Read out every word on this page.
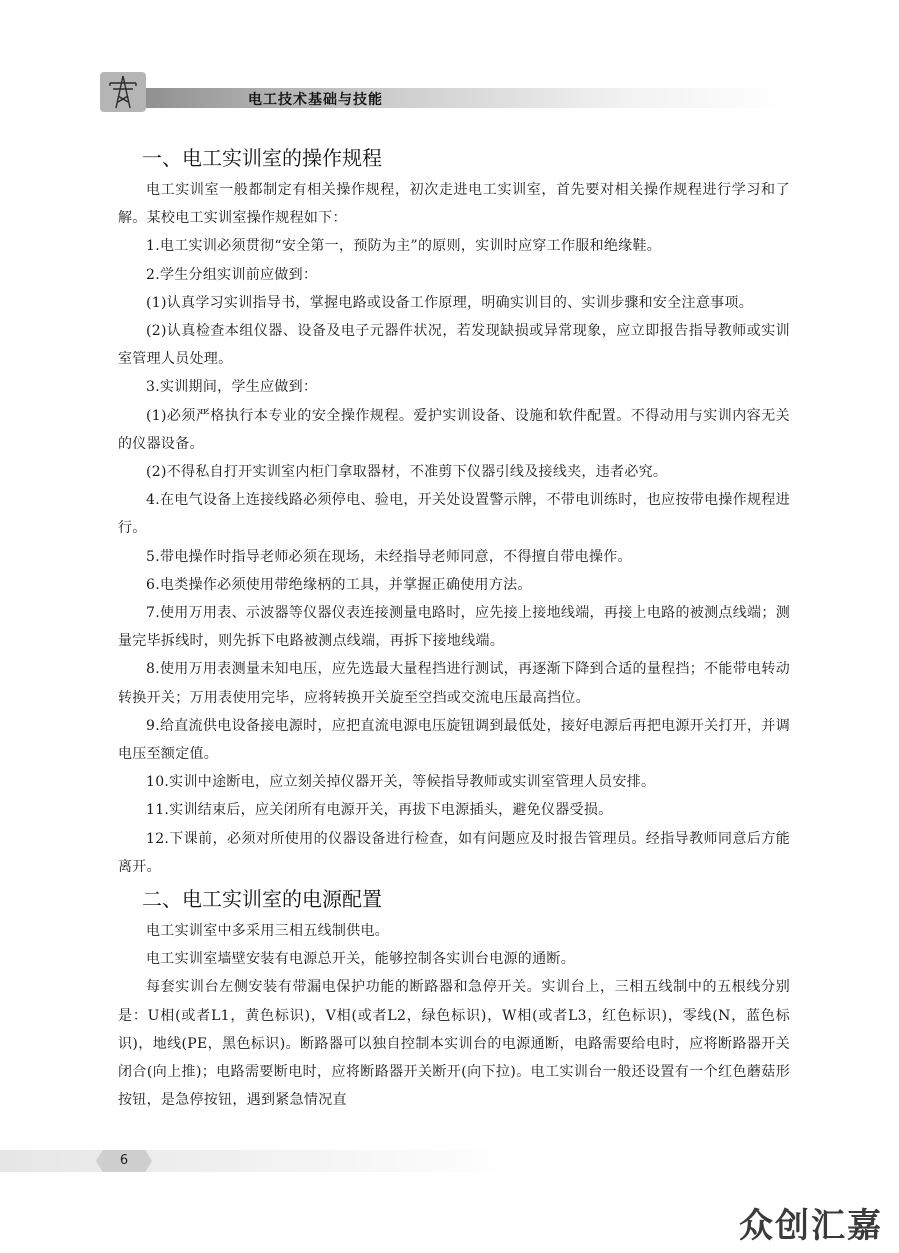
电工技术基础与技能
一、电工实训室的操作规程

电工实训室一般都制定有相关操作规程，初次走进电工实训室，首先要对相关操作规程进行学习和了解。某校电工实训室操作规程如下：

1.电工实训必须贯彻“安全第一，预防为主”的原则，实训时应穿工作服和绝缘鞋。

2.学生分组实训前应做到：

(1)认真学习实训指导书，掌握电路或设备工作原理，明确实训目的、实训步骤和安全注意事项。

(2)认真检查本组仪器、设备及电子元器件状况，若发现缺损或异常现象，应立即报告指导教师或实训室管理人员处理。

3.实训期间，学生应做到：

(1)必须严格执行本专业的安全操作规程。爱护实训设备、设施和软件配置。不得动用与实训内容无关的仪器设备。

(2)不得私自打开实训室内柜门拿取器材，不准剪下仪器引线及接线夹，违者必究。

4.在电气设备上连接线路必须停电、验电，开关处设置警示牌，不带电训练时，也应按带电操作规程进行。

5.带电操作时指导老师必须在现场，未经指导老师同意，不得擅自带电操作。

6.电类操作必须使用带绝缘柄的工具，并掌握正确使用方法。

7.使用万用表、示波器等仪器仪表连接测量电路时，应先接上接地线端，再接上电路的被测点线端；测量完毕拆线时，则先拆下电路被测点线端，再拆下接地线端。

8.使用万用表测量未知电压，应先选最大量程挡进行测试，再逐渐下降到合适的量程挡；不能带电转动转换开关；万用表使用完毕，应将转换开关旋至空挡或交流电压最高挡位。

9.给直流供电设备接电源时，应把直流电源电压旋钮调到最低处，接好电源后再把电源开关打开，并调电压至额定值。

10.实训中途断电，应立刻关掉仪器开关，等候指导教师或实训室管理人员安排。

11.实训结束后，应关闭所有电源开关，再拔下电源插头，避免仪器受损。

12.下课前，必须对所使用的仪器设备进行检查，如有问题应及时报告管理员。经指导教师同意后方能离开。

二、电工实训室的电源配置

电工实训室中多采用三相五线制供电。

电工实训室墙壁安装有电源总开关，能够控制各实训台电源的通断。

每套实训台左侧安装有带漏电保护功能的断路器和急停开关。实训台上，三相五线制中的五根线分别是：U相(或者L1，黄色标识)，V相(或者L2，绿色标识)，W相(或者L3，红色标识)，零线(N，蓝色标识)，地线(PE，黑色标识)。断路器可以独自控制本实训台的电源通断，电路需要给电时，应将断路器开关闭合(向上推)；电路需要断电时，应将断路器开关断开(向下拉)。电工实训台一般还设置有一个红色蘑菇形按钮，是急停按钮，遇到紧急情况直

6
众创汇嘉
